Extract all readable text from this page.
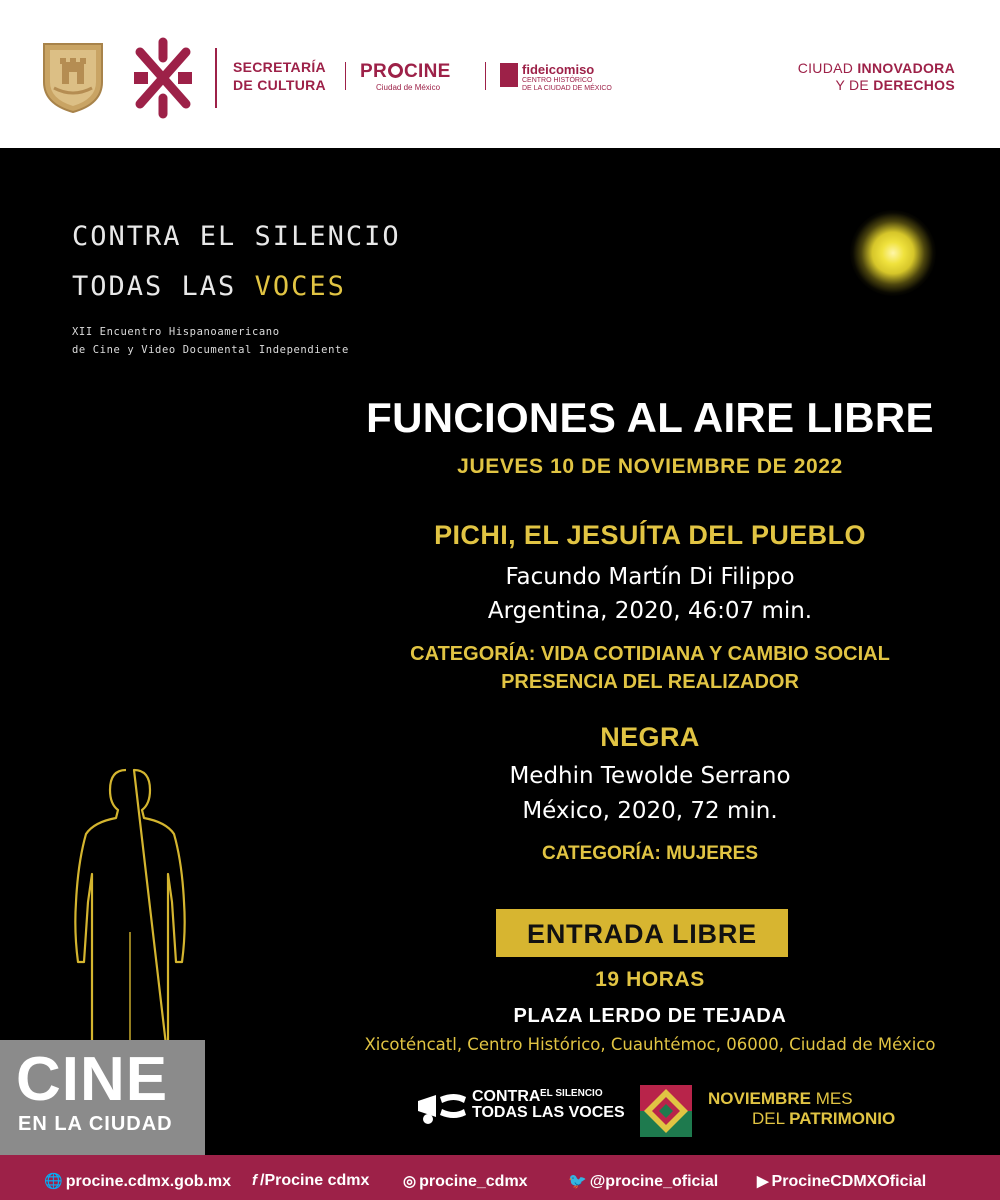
SECRETARÍA
DE CULTURA
PR CINE
Ciudad de México
fideicomiso
CENTRO HISTÓRICO
DE LA CIUDAD DE MÉXICO
CIUDAD INNOVADORA
Y DE DERECHOS
CONTRA EL SILENCIO
TODAS LAS VOCES
XII Encuentro Hispanoamericano
de Cine y Video Documental Independiente
FUNCIONES AL AIRE LIBRE
JUEVES 10 DE NOVIEMBRE DE 2022
PICHI, EL JESUÍTA DEL PUEBLO
Facundo Martín Di Filippo
Argentina, 2020, 46:07 min.
CATEGORÍA: VIDA COTIDIANA Y CAMBIO SOCIAL
PRESENCIA DEL REALIZADOR
NEGRA
Medhin Tewolde Serrano
México, 2020, 72 min.
CATEGORÍA: MUJERES
ENTRADA LIBRE
19 HORAS
PLAZA LERDO DE TEJADA
Xicoténcatl, Centro Histórico, Cuauhtémoc, 06000, Ciudad de México
CINE
EN LA CIUDAD
CONTRA EL SILENCIO
TODAS LAS VOCES
NOVIEMBRE MES
DEL PATRIMONIO
🌐 procine.cdmx.gob.mx f /Procine cdmx ◎ procine_cdmx	🐦 @procine_oficial	▶ ProcineCDMXOficial
